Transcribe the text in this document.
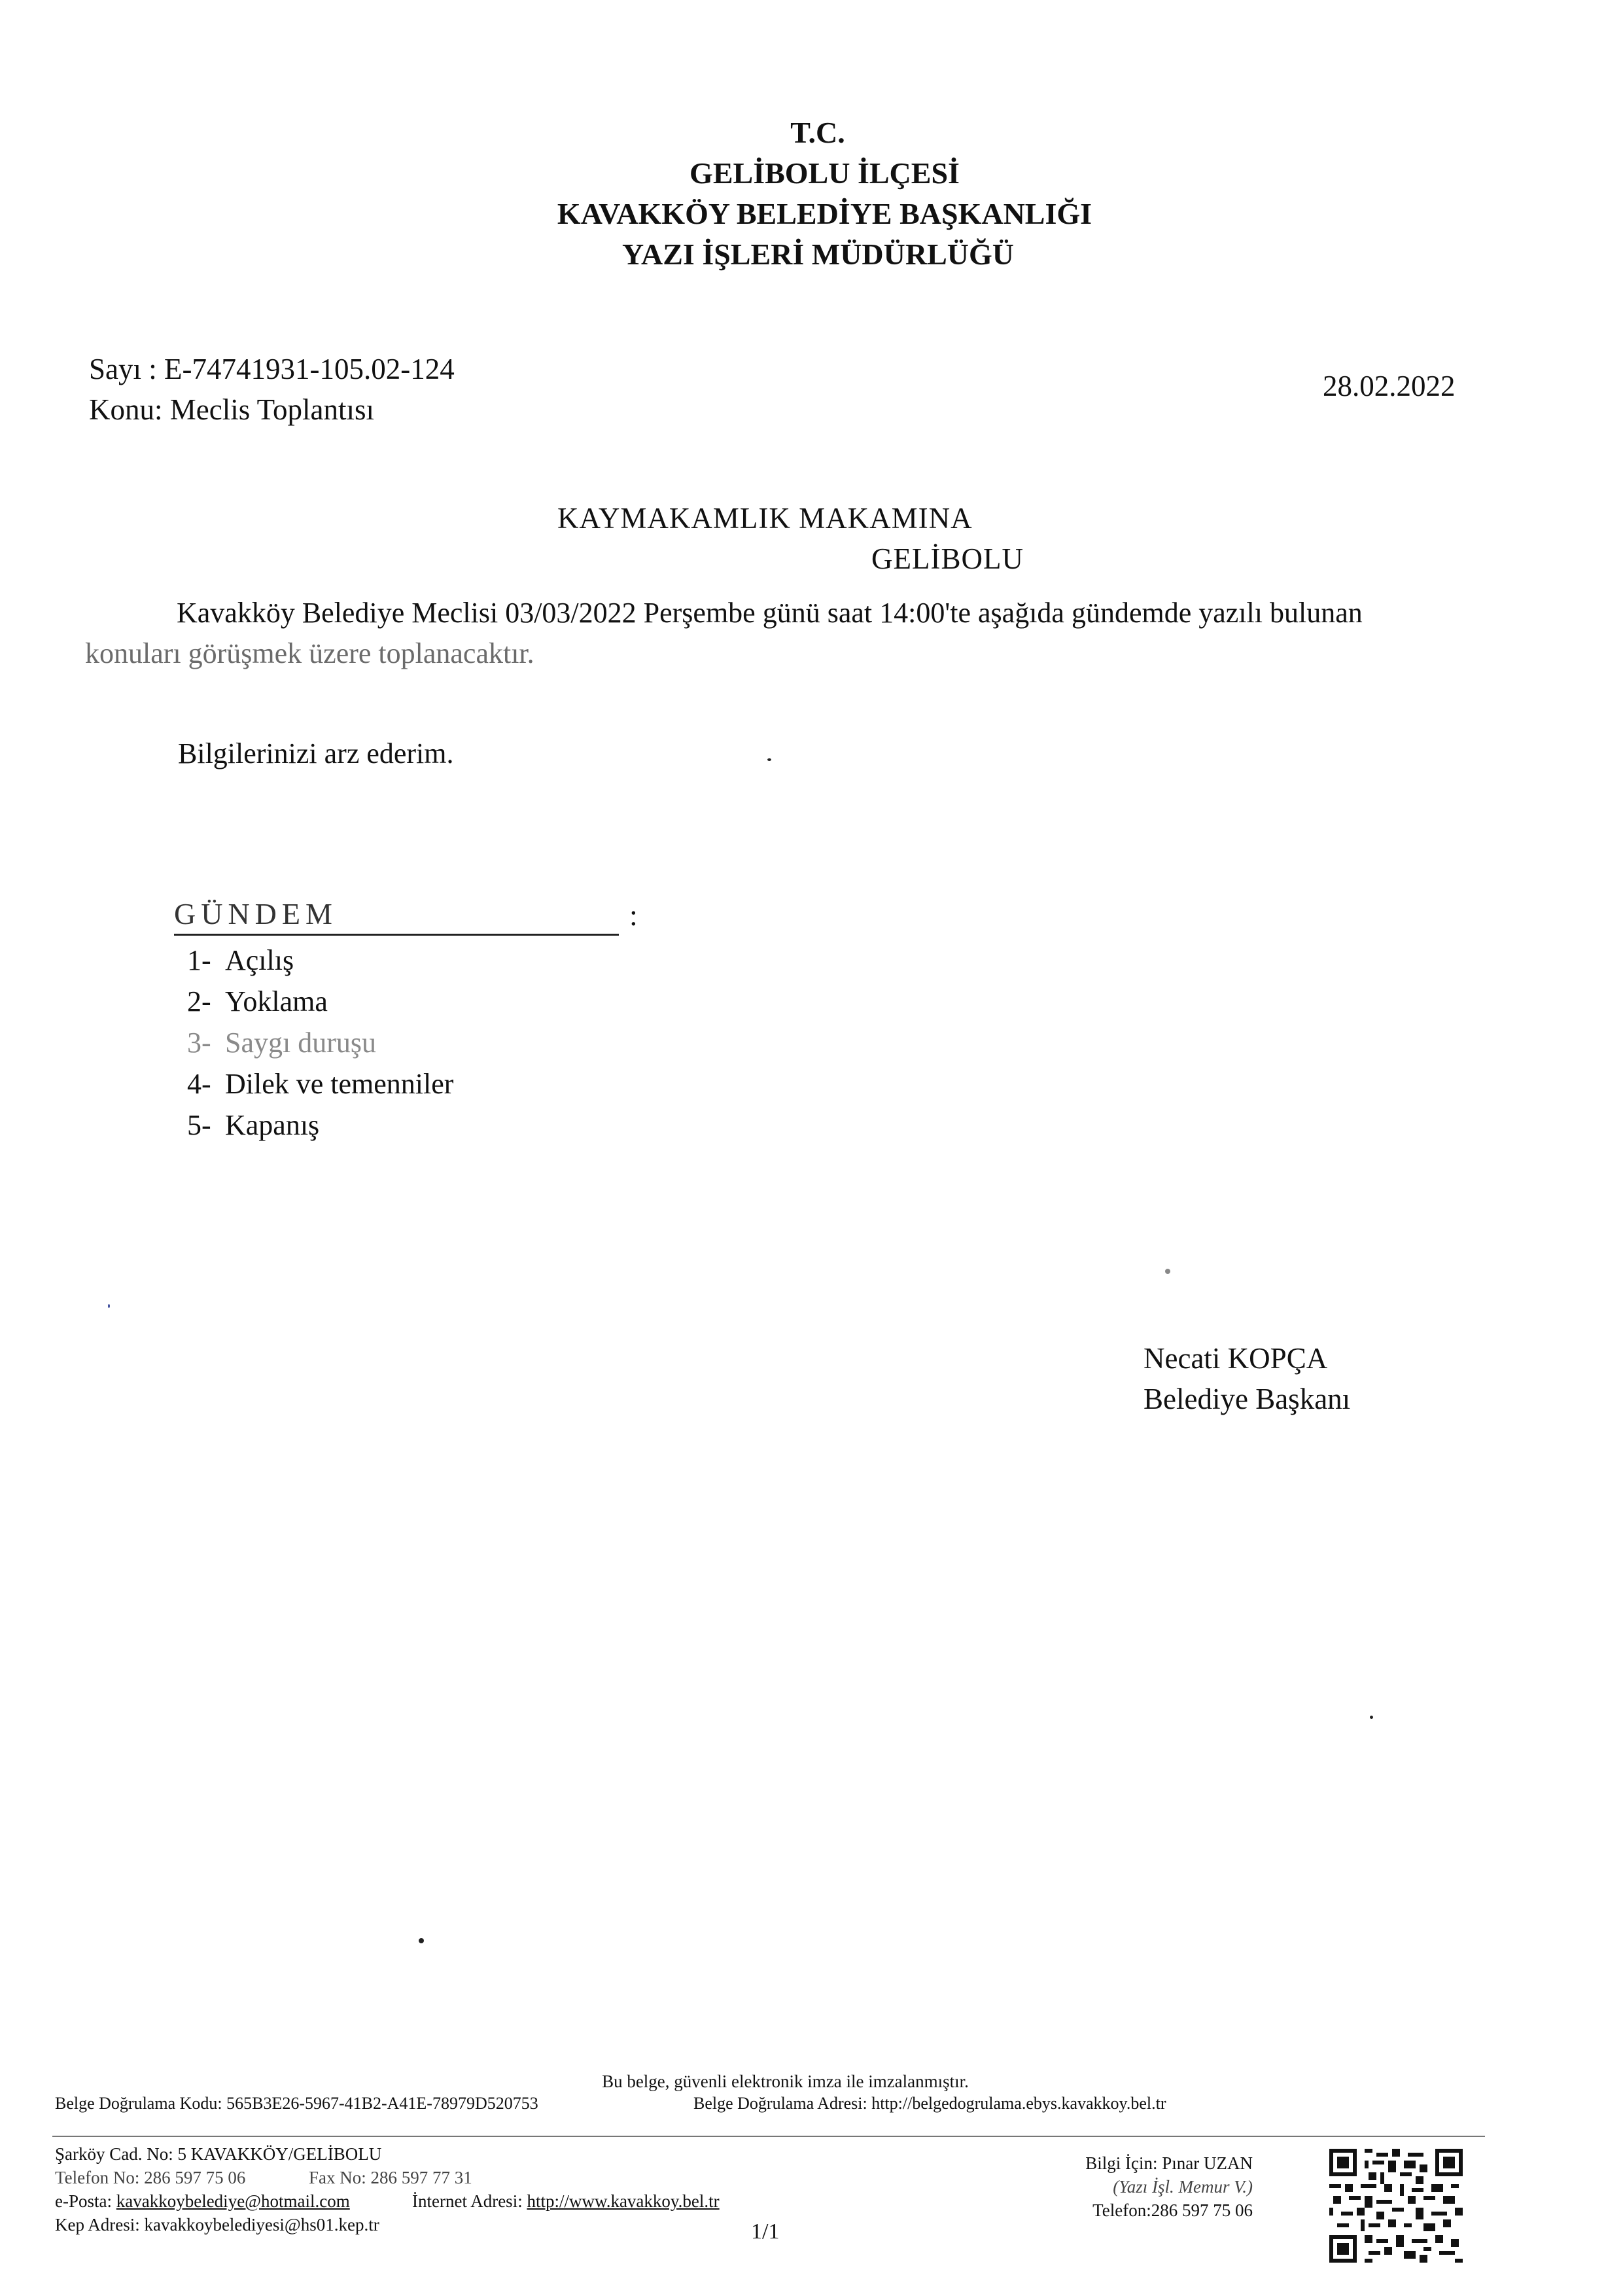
T.C.
GELİBOLU İLÇESİ
KAVAKKÖY BELEDİYE BAŞKANLIĞI
YAZI İŞLERİ MÜDÜRLÜĞÜ
Sayı : E-74741931-105.02-124
Konu: Meclis Toplantısı
28.02.2022
KAYMAKAMLIK MAKAMINA
GELİBOLU
Kavakköy Belediye Meclisi 03/03/2022 Perşembe günü saat 14:00'te aşağıda gündemde yazılı bulunan
konuları görüşmek üzere toplanacaktır.
Bilgilerinizi arz ederim.
GÜNDEM	:
1- Açılış
2- Yoklama
3- Saygı duruşu
4- Dilek ve temenniler
5- Kapanış
Necati KOPÇA
Belediye Başkanı
Bu belge, güvenli elektronik imza ile imzalanmıştır.
Belge Doğrulama Kodu: 565B3E26-5967-41B2-A41E-78979D520753	Belge Doğrulama Adresi: http://belgedogrulama.ebys.kavakkoy.bel.tr
Şarköy Cad. No: 5 KAVAKKÖY/GELİBOLU
Telefon No: 286 597 75 06	Fax No: 286 597 77 31
e-Posta: kavakkoybelediye@hotmail.com	İnternet Adresi: http://www.kavakkoy.bel.tr
Kep Adresi: kavakkoybelediyesi@hs01.kep.tr	1/1
Bilgi İçin: Pınar UZAN
(Yazı İşl. Memur V.)
Telefon:286 597 75 06
